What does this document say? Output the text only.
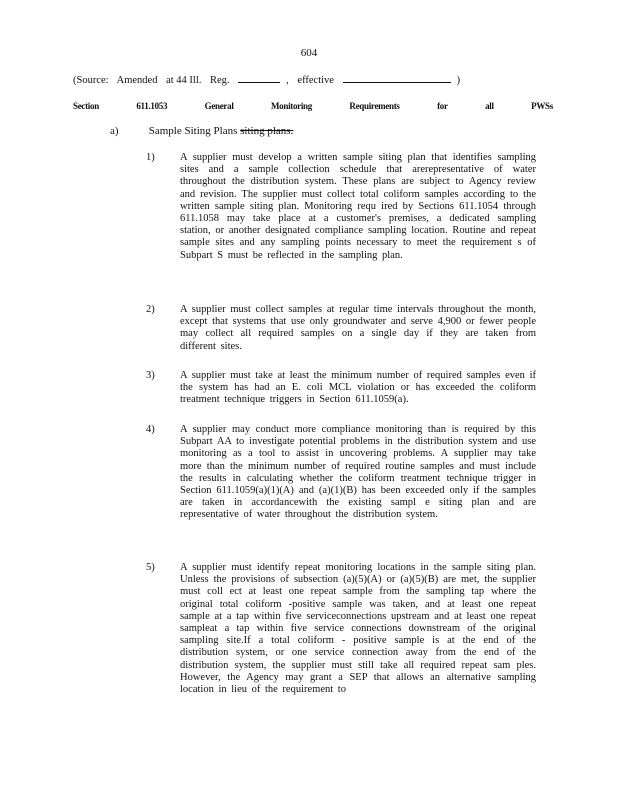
604
(Source: Amended at 44 Ill. Reg.	, effective	)
Section	611.1053	General	Monitoring	Requirements	for	all	PWSs
a)	Sample Siting Plans siting plans.
1) A supplier must develop a written sample siting plan that identifies sampling sites and a sample collection schedule that arerepresentative of water throughout the distribution system. These plans are subject to Agency review and revision. The supplier must collect total coliform samples according to the written sample siting plan. Monitoring requ ired by Sections 611.1054 through 611.1058 may take place at a customer's premises, a dedicated sampling station, or another designated compliance sampling location. Routine and repeat sample sites and any sampling points necessary to meet the requirement s of Subpart S must be reflected in the sampling plan.
2) A supplier must collect samples at regular time intervals throughout the month, except that systems that use only groundwater and serve 4,900 or fewer people may collect all required samples on a single day if they are taken from different sites.
3) A supplier must take at least the minimum number of required samples even if the system has had an E. coli MCL violation or has exceeded the coliform treatment technique triggers in Section 611.1059(a).
4) A supplier may conduct more compliance monitoring than is required by this Subpart AA to investigate potential problems in the distribution system and use monitoring as a tool to assist in uncovering problems. A supplier may take more than the minimum number of required routine samples and must include the results in calculating whether the coliform treatment technique trigger in Section 611.1059(a)(1)(A) and (a)(1)(B) has been exceeded only if the samples are taken in accordancewith the existing sampl e siting plan and are representative of water throughout the distribution system.
5) A supplier must identify repeat monitoring locations in the sample siting plan. Unless the provisions of subsection (a)(5)(A) or (a)(5)(B) are met, the supplier must coll ect at least one repeat sample from the sampling tap where the original total coliform -positive sample was taken, and at least one repeat sample at a tap within five serviceconnections upstream and at least one repeat sampleat a tap within five service connections downstream of the original sampling site.If a total coliform - positive sample is at the end of the distribution system, or one service connection away from the end of the distribution system, the supplier must still take all required repeat sam ples. However, the Agency may grant a SEP that allows an alternative sampling location in lieu of the requirement to
